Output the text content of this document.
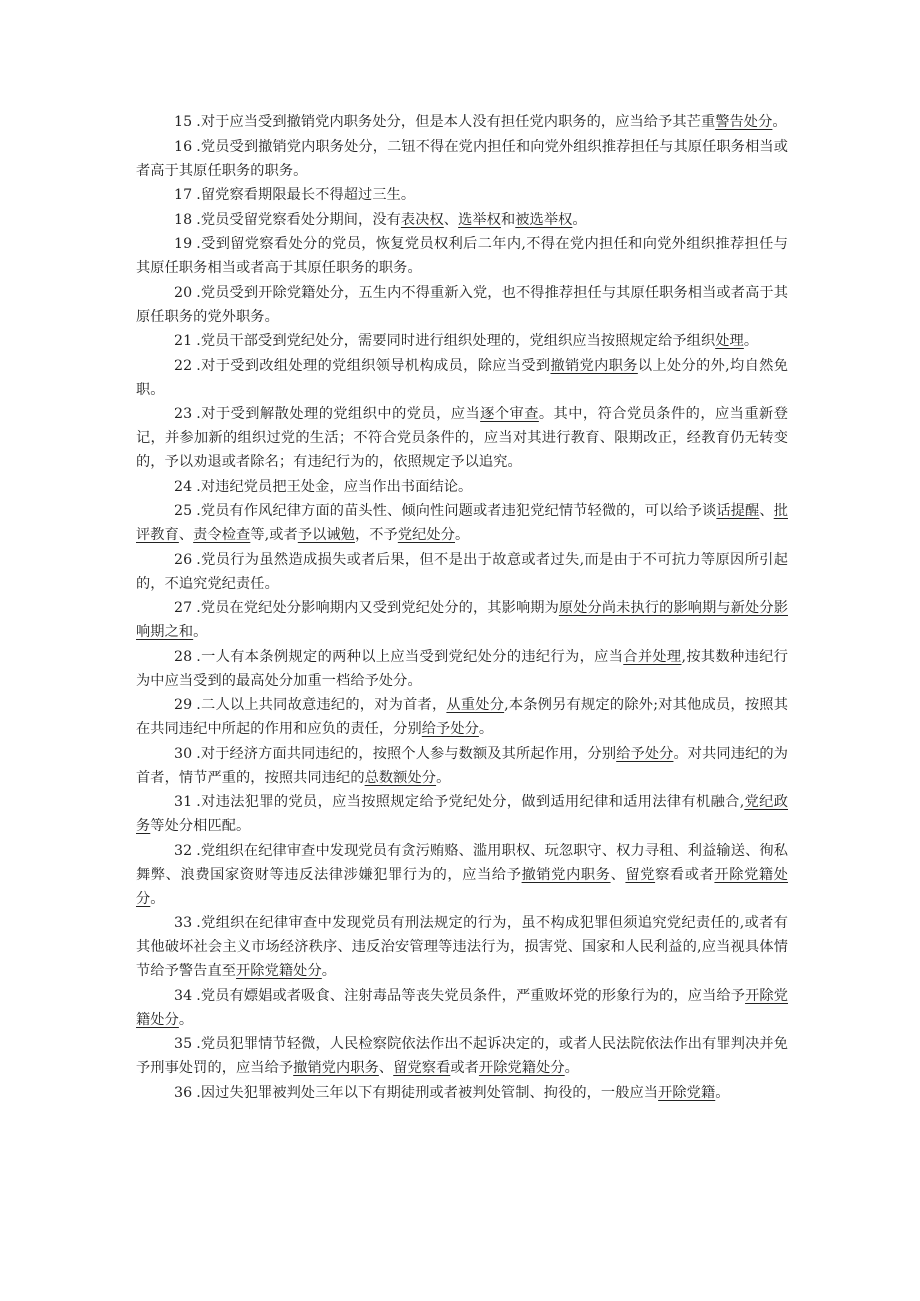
15 .对于应当受到撤销党内职务处分，但是本人没有担任党内职务的，应当给予其芒重警告处分。

16 .党员受到撤销党内职务处分，二钮不得在党内担任和向党外组织推荐担任与其原任职务相当或者高于其原任职务的职务。

17 .留党察看期限最长不得超过三生。

18 .党员受留党察看处分期间，没有表决权、选举权和被选举权。

19 .受到留党察看处分的党员，恢复党员权利后二年内,不得在党内担任和向党外组织推荐担任与其原任职务相当或者高于其原任职务的职务。

20 .党员受到开除党籍处分，五生内不得重新入党，也不得推荐担任与其原任职务相当或者高于其原任职务的党外职务。

21 .党员干部受到党纪处分，需要同时进行组织处理的，党组织应当按照规定给予组织处理。

22 .对于受到改组处理的党组织领导机构成员，除应当受到撤销党内职务以上处分的外,均自然免职。

23 .对于受到解散处理的党组织中的党员，应当逐个审查。其中，符合党员条件的，应当重新登记，并参加新的组织过党的生活；不符合党员条件的，应当对其进行教育、限期改正，经教育仍无转变的，予以劝退或者除名；有违纪行为的，依照规定予以追究。

24 .对违纪党员把王处金，应当作出书面结论。

25 .党员有作风纪律方面的苗头性、倾向性问题或者违犯党纪情节轻微的，可以给予谈话提醒、批评教育、责令检查等,或者予以诫勉，不予党纪处分。

26 .党员行为虽然造成损失或者后果，但不是出于故意或者过失,而是由于不可抗力等原因所引起的，不追究党纪责任。

27 .党员在党纪处分影响期内又受到党纪处分的，其影响期为原处分尚未执行的影响期与新处分影响期之和。

28 .一人有本条例规定的两种以上应当受到党纪处分的违纪行为，应当合并处理,按其数种违纪行为中应当受到的最高处分加重一档给予处分。

29 .二人以上共同故意违纪的，对为首者，从重处分,本条例另有规定的除外;对其他成员，按照其在共同违纪中所起的作用和应负的责任，分别给予处分。

30 .对于经济方面共同违纪的，按照个人参与数额及其所起作用，分别给予处分。对共同违纪的为首者，情节严重的，按照共同违纪的总数额处分。

31 .对违法犯罪的党员，应当按照规定给予党纪处分，做到适用纪律和适用法律有机融合,党纪政务等处分相匹配。

32 .党组织在纪律审查中发现党员有贪污贿赂、滥用职权、玩忽职守、权力寻租、利益输送、徇私舞弊、浪费国家资财等违反法律涉嫌犯罪行为的，应当给予撤销党内职务、留党察看或者开除党籍处分。

33 .党组织在纪律审查中发现党员有刑法规定的行为，虽不构成犯罪但须追究党纪责任的,或者有其他破坏社会主义市场经济秩序、违反治安管理等违法行为，损害党、国家和人民利益的,应当视具体情节给予警告直至开除党籍处分。

34 .党员有嫖娼或者吸食、注射毒品等丧失党员条件，严重败坏党的形象行为的，应当给予开除党籍处分。

35 .党员犯罪情节轻微，人民检察院依法作出不起诉决定的，或者人民法院依法作出有罪判决并免予刑事处罚的，应当给予撤销党内职务、留党察看或者开除党籍处分。

36 .因过失犯罪被判处三年以下有期徒刑或者被判处管制、拘役的，一般应当开除党籍。
